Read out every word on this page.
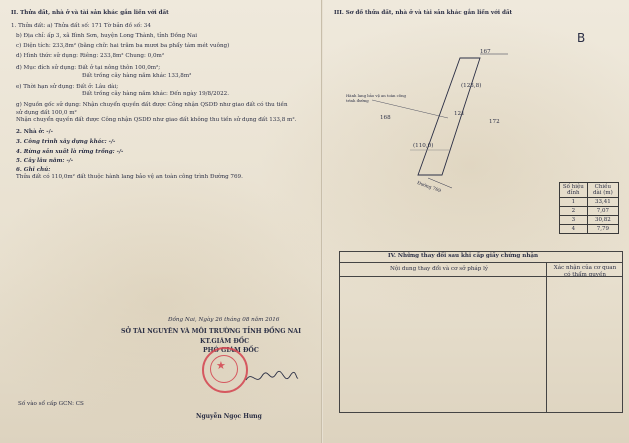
II. Thửa đất, nhà ở và tài sản khác gắn liền với đất
1. Thửa đất: a) Thửa đất số: 171 Tờ bản đồ số: 34
b) Địa chỉ: ấp 3, xã Bình Sơn, huyện Long Thành, tỉnh Đồng Nai
c) Diện tích: 233,8m² (bằng chữ: hai trăm ba mươi ba phẩy tám mét vuông)
d) Hình thức sử dụng: Riêng: 233,8m² Chung: 0,0m²
đ) Mục đích sử dụng: Đất ở tại nông thôn 100,0m²;
Đất trồng cây hàng năm khác 133,8m²
e) Thời hạn sử dụng: Đất ở: Lâu dài;
Đất trồng cây hàng năm khác: Đến ngày 19/8/2022.
g) Nguồn gốc sử dụng: Nhận chuyển quyền đất được Công nhận QSDĐ như giao đất có thu tiền
sử dụng đất 100,0 m²
Nhận chuyển quyền đất được Công nhận QSDĐ như giao đất không thu tiền sử dụng đất 133,8 m².
2. Nhà ở: -/-
3. Công trình xây dựng khác: -/-
4. Rừng sản xuất là rừng trồng: -/-
5. Cây lâu năm: -/-
6. Ghi chú:
Thửa đất có 110,0m² đất thuộc hành lang bảo vệ an toàn công trình Đường 769.
Đồng Nai, Ngày 26 tháng 08 năm 2016
SỞ TÀI NGUYÊN VÀ MÔI TRƯỜNG TỈNH ĐỒNG NAI
KT.GIÁM ĐỐC
PHÓ GIÁM ĐỐC
★
Số vào sổ cấp GCN: CS
Nguyễn Ngọc Hưng
III. Sơ đồ thửa đất, nhà ở và tài sản khác gắn liền với đất
B
167
(123,8)
121
168
172
(110,0)
Đường 769
Hành lang bảo vệ an toàn công trình đường
Số hiệu đỉnh	Chiều dài (m)
1	33,41
2	7,07
3	30,82
4	7,79
IV. Những thay đổi sau khi cấp giấy chứng nhận
Nội dung thay đổi và cơ sở pháp lý	Xác nhận của cơ quan có thẩm quyền
